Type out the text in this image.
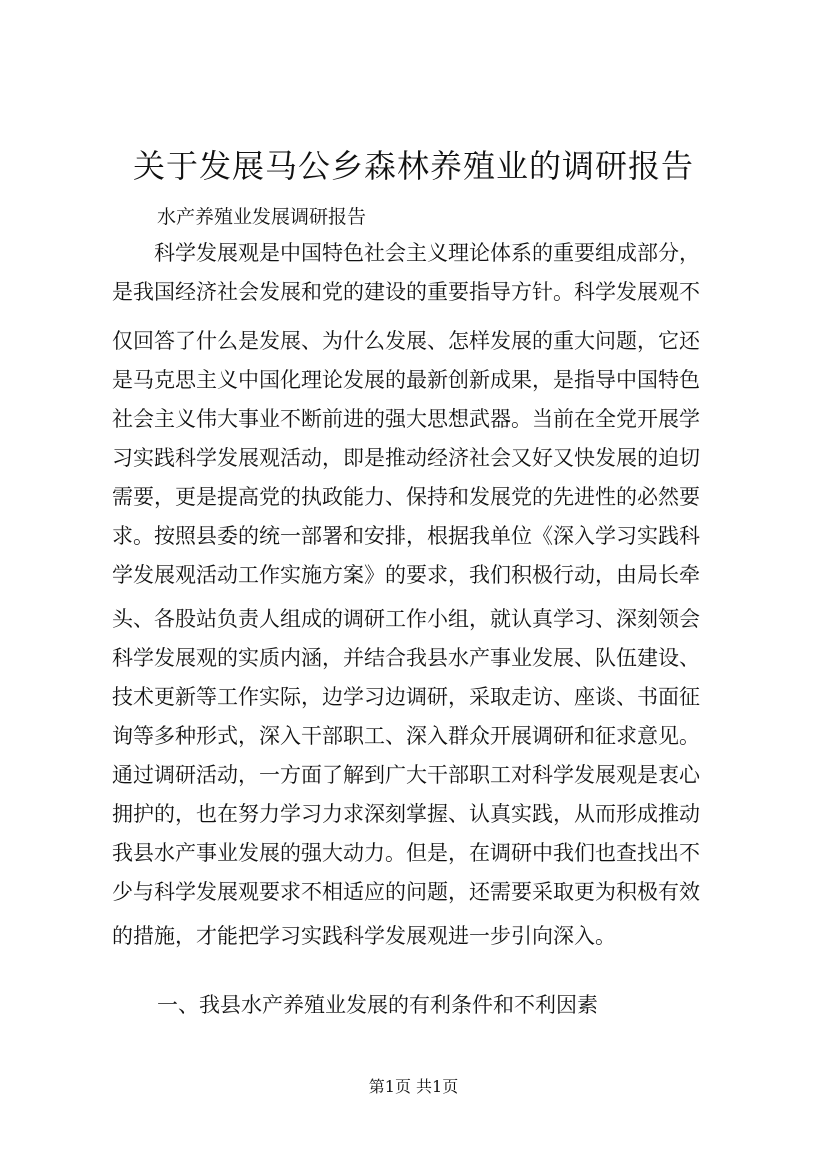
关于发展马公乡森林养殖业的调研报告
水产养殖业发展调研报告
　　科学发展观是中国特色社会主义理论体系的重要组成部分，
是我国经济社会发展和党的建设的重要指导方针。科学发展观不
仅回答了什么是发展、为什么发展、怎样发展的重大问题，它还
是马克思主义中国化理论发展的最新创新成果，是指导中国特色
社会主义伟大事业不断前进的强大思想武器。当前在全党开展学
习实践科学发展观活动，即是推动经济社会又好又快发展的迫切
需要，更是提高党的执政能力、保持和发展党的先进性的必然要
求。按照县委的统一部署和安排，根据我单位《深入学习实践科
学发展观活动工作实施方案》的要求，我们积极行动，由局长牵
头、各股站负责人组成的调研工作小组，就认真学习、深刻领会
科学发展观的实质内涵，并结合我县水产事业发展、队伍建设、
技术更新等工作实际，边学习边调研，采取走访、座谈、书面征
询等多种形式，深入干部职工、深入群众开展调研和征求意见。
通过调研活动，一方面了解到广大干部职工对科学发展观是衷心
拥护的，也在努力学习力求深刻掌握、认真实践，从而形成推动
我县水产事业发展的强大动力。但是，在调研中我们也查找出不
少与科学发展观要求不相适应的问题，还需要采取更为积极有效
的措施，才能把学习实践科学发展观进一步引向深入。
一、我县水产养殖业发展的有利条件和不利因素
第1页 共1页
